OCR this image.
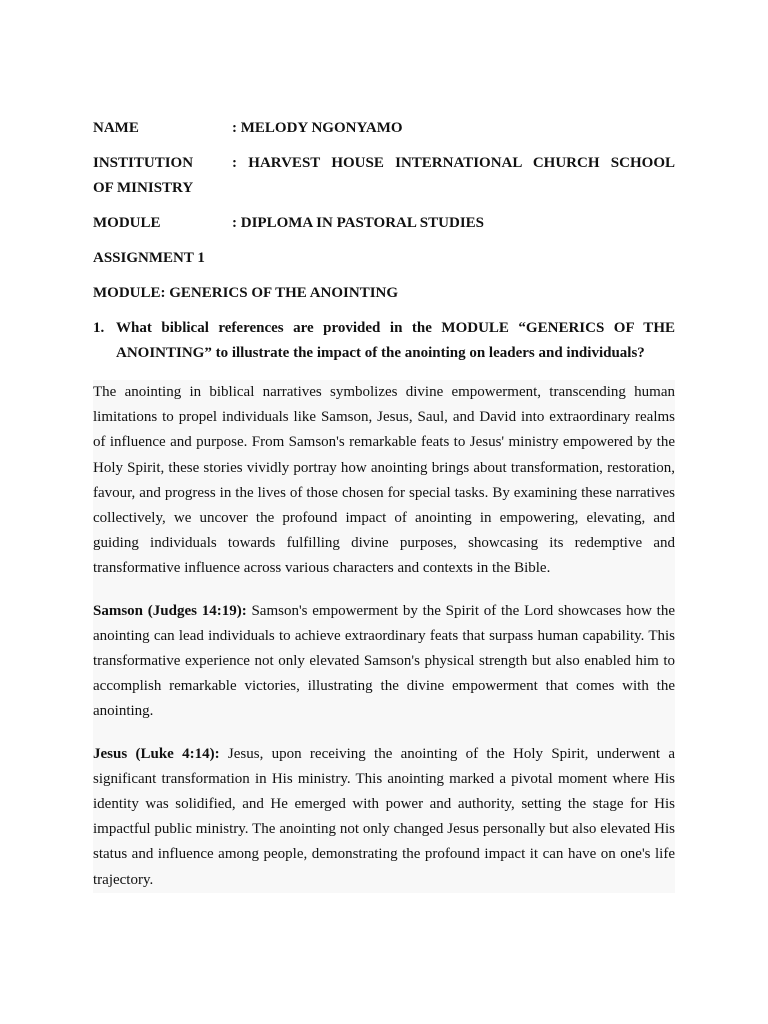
NAME	: MELODY NGONYAMO
INSTITUTION	: HARVEST HOUSE INTERNATIONAL CHURCH SCHOOL
OF MINISTRY
MODULE	: DIPLOMA IN PASTORAL STUDIES
ASSIGNMENT 1
MODULE: GENERICS OF THE ANOINTING
1. What biblical references are provided in the MODULE “GENERICS OF THE ANOINTING” to illustrate the impact of the anointing on leaders and individuals?

The anointing in biblical narratives symbolizes divine empowerment, transcending human limitations to propel individuals like Samson, Jesus, Saul, and David into extraordinary realms of influence and purpose. From Samson's remarkable feats to Jesus' ministry empowered by the Holy Spirit, these stories vividly portray how anointing brings about transformation, restoration, favour, and progress in the lives of those chosen for special tasks. By examining these narratives collectively, we uncover the profound impact of anointing in empowering, elevating, and guiding individuals towards fulfilling divine purposes, showcasing its redemptive and transformative influence across various characters and contexts in the Bible.

Samson (Judges 14:19): Samson's empowerment by the Spirit of the Lord showcases how the anointing can lead individuals to achieve extraordinary feats that surpass human capability. This transformative experience not only elevated Samson's physical strength but also enabled him to accomplish remarkable victories, illustrating the divine empowerment that comes with the anointing.

Jesus (Luke 4:14): Jesus, upon receiving the anointing of the Holy Spirit, underwent a significant transformation in His ministry. This anointing marked a pivotal moment where His identity was solidified, and He emerged with power and authority, setting the stage for His impactful public ministry. The anointing not only changed Jesus personally but also elevated His status and influence among people, demonstrating the profound impact it can have on one's life trajectory.
